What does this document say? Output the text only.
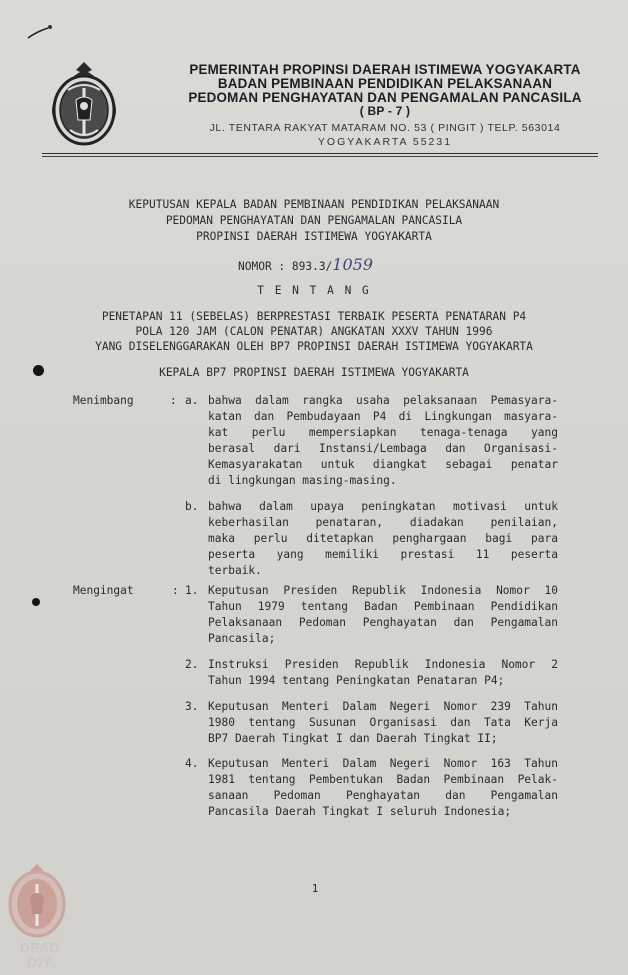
PEMERINTAH PROPINSI DAERAH ISTIMEWA YOGYAKARTA
BADAN PEMBINAAN PENDIDIKAN PELAKSANAAN
PEDOMAN PENGHAYATAN DAN PENGAMALAN PANCASILA
( BP - 7 )
JL. TENTARA RAKYAT MATARAM NO. 53 ( PINGIT ) TELP. 563014
YOGYAKARTA 55231
KEPUTUSAN KEPALA BADAN PEMBINAAN PENDIDIKAN PELAKSANAAN
PEDOMAN PENGHAYATAN DAN PENGAMALAN PANCASILA
PROPINSI DAERAH ISTIMEWA YOGYAKARTA
NOMOR : 893.3/1059
T E N T A N G
PENETAPAN 11 (SEBELAS) BERPRESTASI TERBAIK PESERTA PENATARAN P4
POLA 120 JAM (CALON PENATAR) ANGKATAN XXXV TAHUN 1996
YANG DISELENGGARAKAN OLEH BP7 PROPINSI DAERAH ISTIMEWA YOGYAKARTA
KEPALA BP7 PROPINSI DAERAH ISTIMEWA YOGYAKARTA
Menimbang	: a. bahwa dalam rangka usaha pelaksanaan Pemasyara-
katan dan Pembudayaan P4 di Lingkungan masyara-
kat perlu mempersiapkan tenaga-tenaga yang
berasal dari Instansi/Lembaga dan Organisasi-
Kemasyarakatan untuk diangkat sebagai penatar
di lingkungan masing-masing.
b. bahwa dalam upaya peningkatan motivasi untuk
keberhasilan penataran, diadakan penilaian,
maka perlu ditetapkan penghargaan bagi para
peserta yang memiliki prestasi 11 peserta
terbaik.
Mengingat	: 1. Keputusan Presiden Republik Indonesia Nomor 10
Tahun 1979 tentang Badan Pembinaan Pendidikan
Pelaksanaan Pedoman Penghayatan dan Pengamalan
Pancasila;
2. Instruksi Presiden Republik Indonesia Nomor 2
Tahun 1994 tentang Peningkatan Penataran P4;
3. Keputusan Menteri Dalam Negeri Nomor 239 Tahun
1980 tentang Susunan Organisasi dan Tata Kerja
BP7 Daerah Tingkat I dan Daerah Tingkat II;
4. Keputusan Menteri Dalam Negeri Nomor 163 Tahun
1981 tentang Pembentukan Badan Pembinaan Pelak-
sanaan Pedoman Penghayatan dan Pengamalan
Pancasila Daerah Tingkat I seluruh Indonesia;
1
DPAD
DIY
